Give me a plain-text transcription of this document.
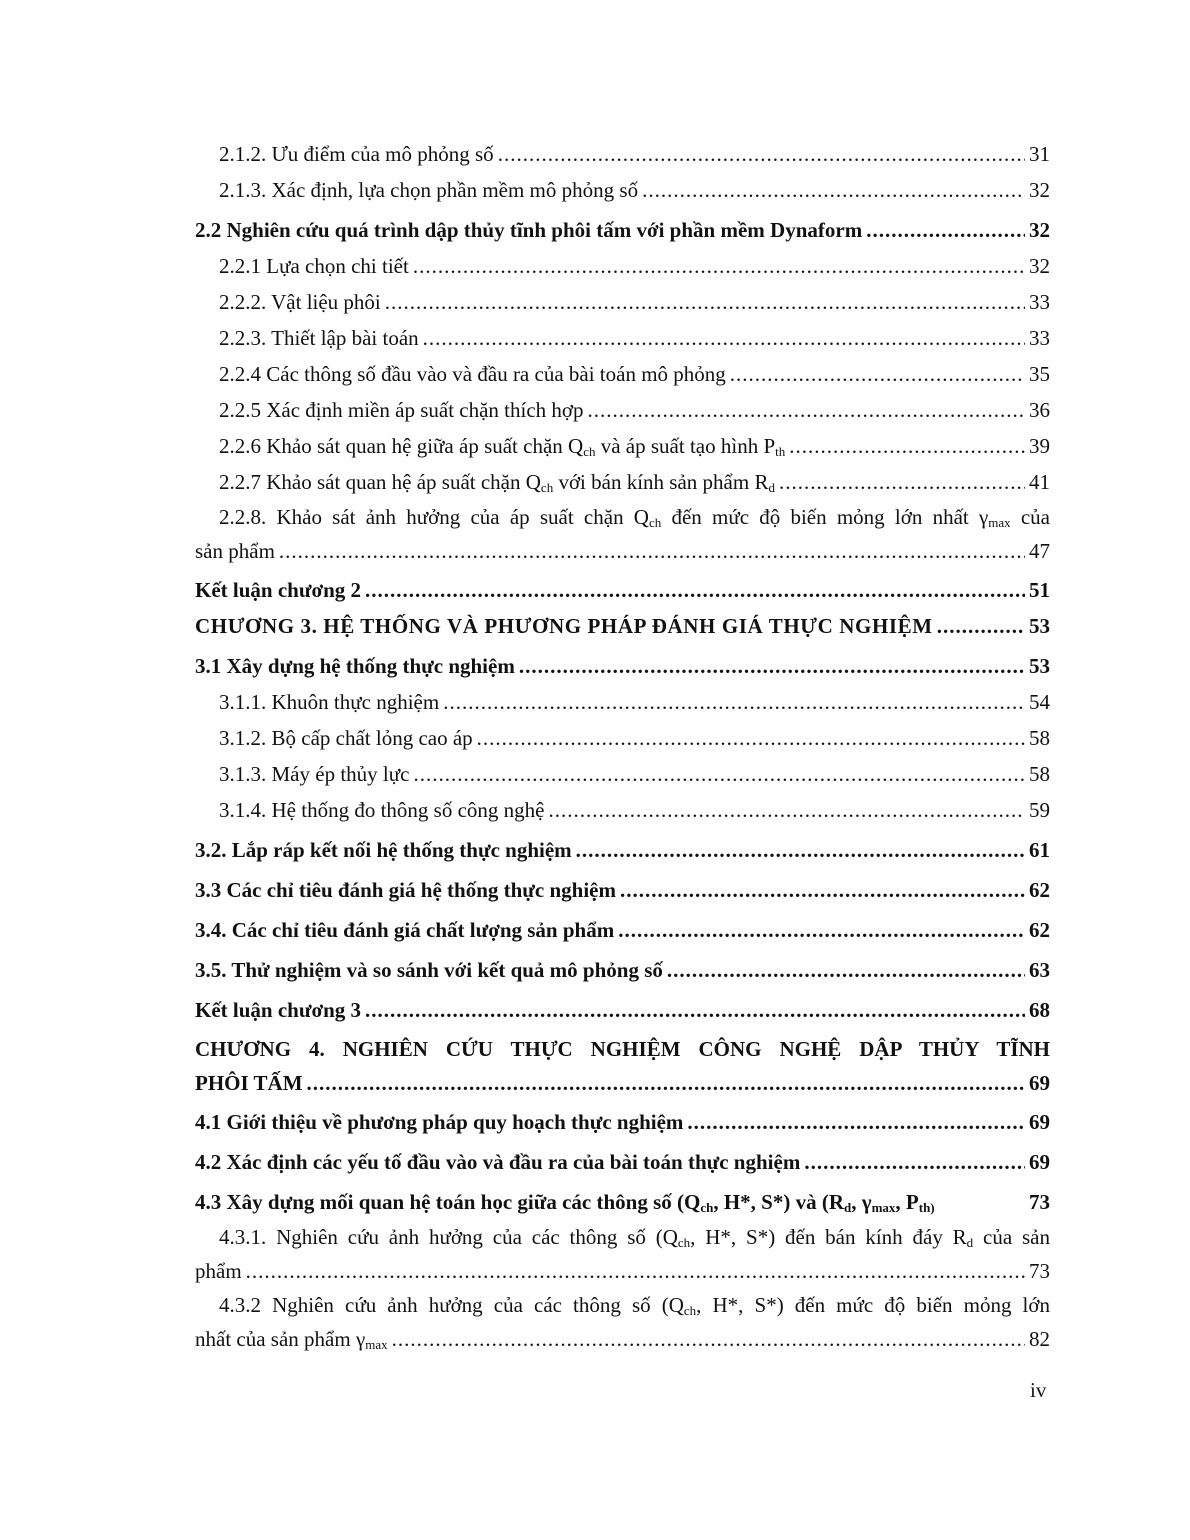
2.1.2. Ưu điểm của mô phỏng số .....	31
2.1.3. Xác định, lựa chọn phần mềm mô phỏng số .....	32
2.2 Nghiên cứu quá trình dập thủy tĩnh phôi tấm với phần mềm Dynaform .....	32
2.2.1 Lựa chọn chi tiết .....	32
2.2.2. Vật liệu phôi .....	33
2.2.3. Thiết lập bài toán .....	33
2.2.4 Các thông số đầu vào và đầu ra của bài toán mô phỏng .....	35
2.2.5 Xác định miền áp suất chặn thích hợp .....	36
2.2.6 Khảo sát quan hệ giữa áp suất chặn $Q_{ch}$ và áp suất tạo hình $P_{th}$ .....	39
2.2.7 Khảo sát quan hệ áp suất chặn $Q_{ch}$ với bán kính sản phẩm $R_d$ .....	41
2.2.8. Khảo sát ảnh hưởng của áp suất chặn $Q_{ch}$ đến mức độ biến mỏng lớn nhất $\gamma_{max}$ của
sản phẩm .....	47
Kết luận chương 2 .....	51
CHƯƠNG 3. HỆ THỐNG VÀ PHƯƠNG PHÁP ĐÁNH GIÁ THỰC NGHIỆM .....	53
3.1 Xây dựng hệ thống thực nghiệm .....	53
3.1.1. Khuôn thực nghiệm .....	54
3.1.2. Bộ cấp chất lỏng cao áp .....	58
3.1.3. Máy ép thủy lực .....	58
3.1.4. Hệ thống đo thông số công nghệ .....	59
3.2. Lắp ráp kết nối hệ thống thực nghiệm .....	61
3.3 Các chỉ tiêu đánh giá hệ thống thực nghiệm .....	62
3.4. Các chỉ tiêu đánh giá chất lượng sản phẩm .....	62
3.5. Thử nghiệm và so sánh với kết quả mô phỏng số .....	63
Kết luận chương 3 .....	68
CHƯƠNG 4. NGHIÊN CỨU THỰC NGHIỆM CÔNG NGHỆ DẬP THỦY TĨNH
PHÔI TẤM .....	69
4.1 Giới thiệu về phương pháp quy hoạch thực nghiệm .....	69
4.2 Xác định các yếu tố đầu vào và đầu ra của bài toán thực nghiệm .....	69
4.3 Xây dựng mối quan hệ toán học giữa các thông số ($Q_{ch}$, H*, S*) và ($R_d$, $\gamma_{max}$, $P_{th)}$	73
4.3.1. Nghiên cứu ảnh hưởng của các thông số ($Q_{ch}$, H*, S*) đến bán kính đáy $R_d$ của sản
phẩm .....	73
4.3.2 Nghiên cứu ảnh hưởng của các thông số ($Q_{ch}$, H*, S*) đến mức độ biến mỏng lớn
nhất của sản phẩm $\gamma_{max}$ .....	82
iv
